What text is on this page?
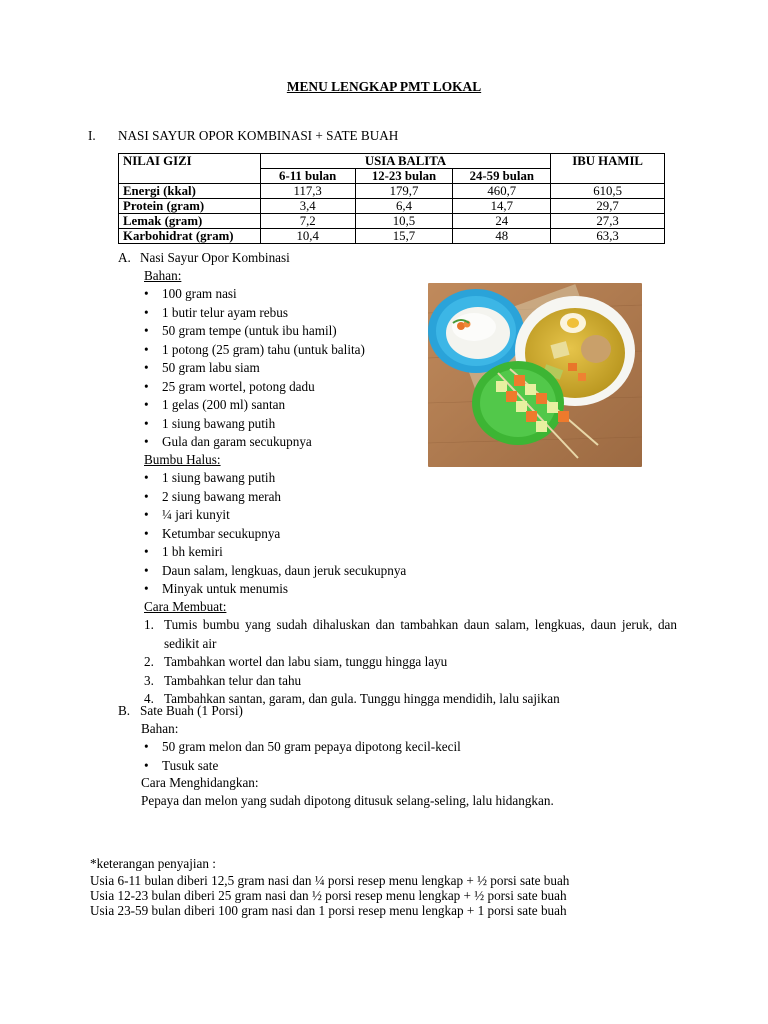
MENU LENGKAP PMT LOKAL
I. NASI SAYUR OPOR KOMBINASI + SATE BUAH
NILAI GIZI	USIA BALITA			IBU HAMIL
	6-11 bulan	12-23 bulan	24-59 bulan	
Energi (kkal)	117,3	179,7	460,7	610,5
Protein (gram)	3,4	6,4	14,7	29,7
Lemak (gram)	7,2	10,5	24	27,3
Karbohidrat (gram)	10,4	15,7	48	63,3
A. Nasi Sayur Opor Kombinasi
Bahan:
• 100 gram nasi
• 1 butir telur ayam rebus
• 50 gram tempe (untuk ibu hamil)
• 1 potong (25 gram) tahu (untuk balita)
• 50 gram labu siam
• 25 gram wortel, potong dadu
• 1 gelas (200 ml) santan
• 1 siung bawang putih
• Gula dan garam secukupnya
Bumbu Halus:
• 1 siung bawang putih
• 2 siung bawang merah
• ¼ jari kunyit
• Ketumbar secukupnya
• 1 bh kemiri
• Daun salam, lengkuas, daun jeruk secukupnya
• Minyak untuk menumis
Cara Membuat:
1. Tumis bumbu yang sudah dihaluskan dan tambahkan daun salam, lengkuas, daun jeruk, dan sedikit air
2. Tambahkan wortel dan labu siam, tunggu hingga layu
3. Tambahkan telur dan tahu
4. Tambahkan santan, garam, dan gula. Tunggu hingga mendidih, lalu sajikan
B. Sate Buah (1 Porsi)
Bahan:
• 50 gram melon dan 50 gram pepaya dipotong kecil-kecil
• Tusuk sate
Cara Menghidangkan:
Pepaya dan melon yang sudah dipotong ditusuk selang-seling, lalu hidangkan.
*keterangan penyajian :
Usia 6-11 bulan diberi 12,5 gram nasi dan ¼ porsi resep menu lengkap + ½ porsi sate buah
Usia 12-23 bulan diberi 25 gram nasi dan ½ porsi resep menu lengkap + ½ porsi sate buah
Usia 23-59 bulan diberi 100 gram nasi dan 1 porsi resep menu lengkap + 1 porsi sate buah
